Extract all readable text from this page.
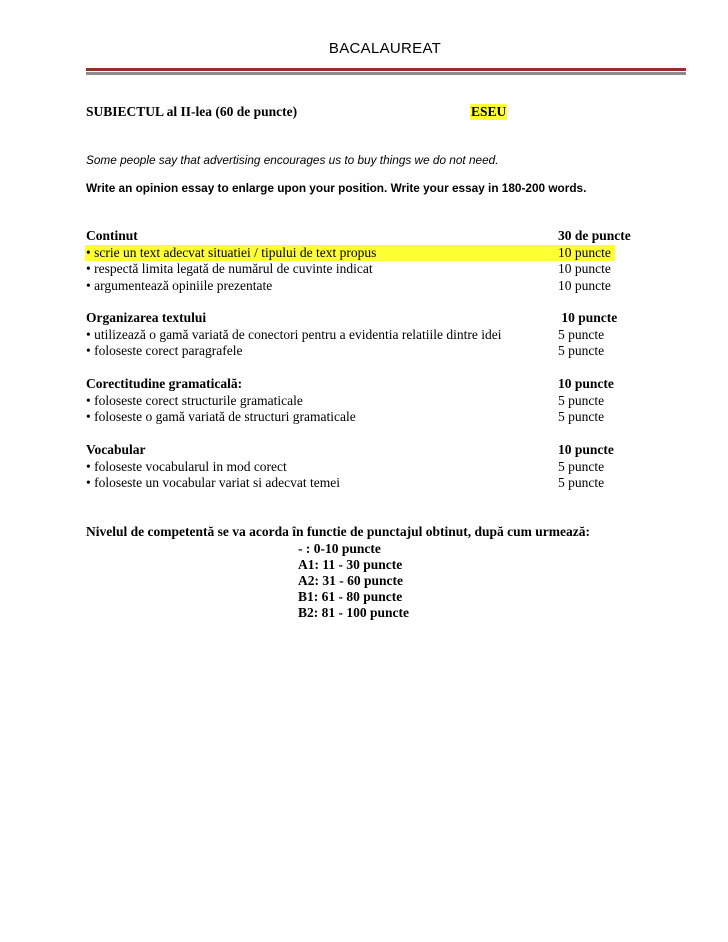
BACALAUREAT
SUBIECTUL al II-lea (60 de puncte)	ESEU
Some people say that advertising encourages us to buy things we do not need.
Write an opinion essay to enlarge upon your position. Write your essay in 180-200 words.
Continut	30 de puncte
• scrie un text adecvat situatiei / tipului de text propus	10 puncte
• respectă limita legată de numărul de cuvinte indicat	10 puncte
• argumentează opiniile prezentate	10 puncte
Organizarea textului	10 puncte
• utilizează o gamă variată de conectori pentru a evidentia relatiile dintre idei	5 puncte
• foloseste corect paragrafele	5 puncte
Corectitudine gramaticală:	10 puncte
• foloseste corect structurile gramaticale	5 puncte
• foloseste o gamă variată de structuri gramaticale	5 puncte
Vocabular	10 puncte
• foloseste vocabularul in mod corect	5 puncte
• foloseste un vocabular variat si adecvat temei	5 puncte
Nivelul de competentă se va acorda în functie de punctajul obtinut, după cum urmează:
- : 0-10 puncte
A1: 11 - 30 puncte
A2: 31 - 60 puncte
B1: 61 - 80 puncte
B2: 81 - 100 puncte
